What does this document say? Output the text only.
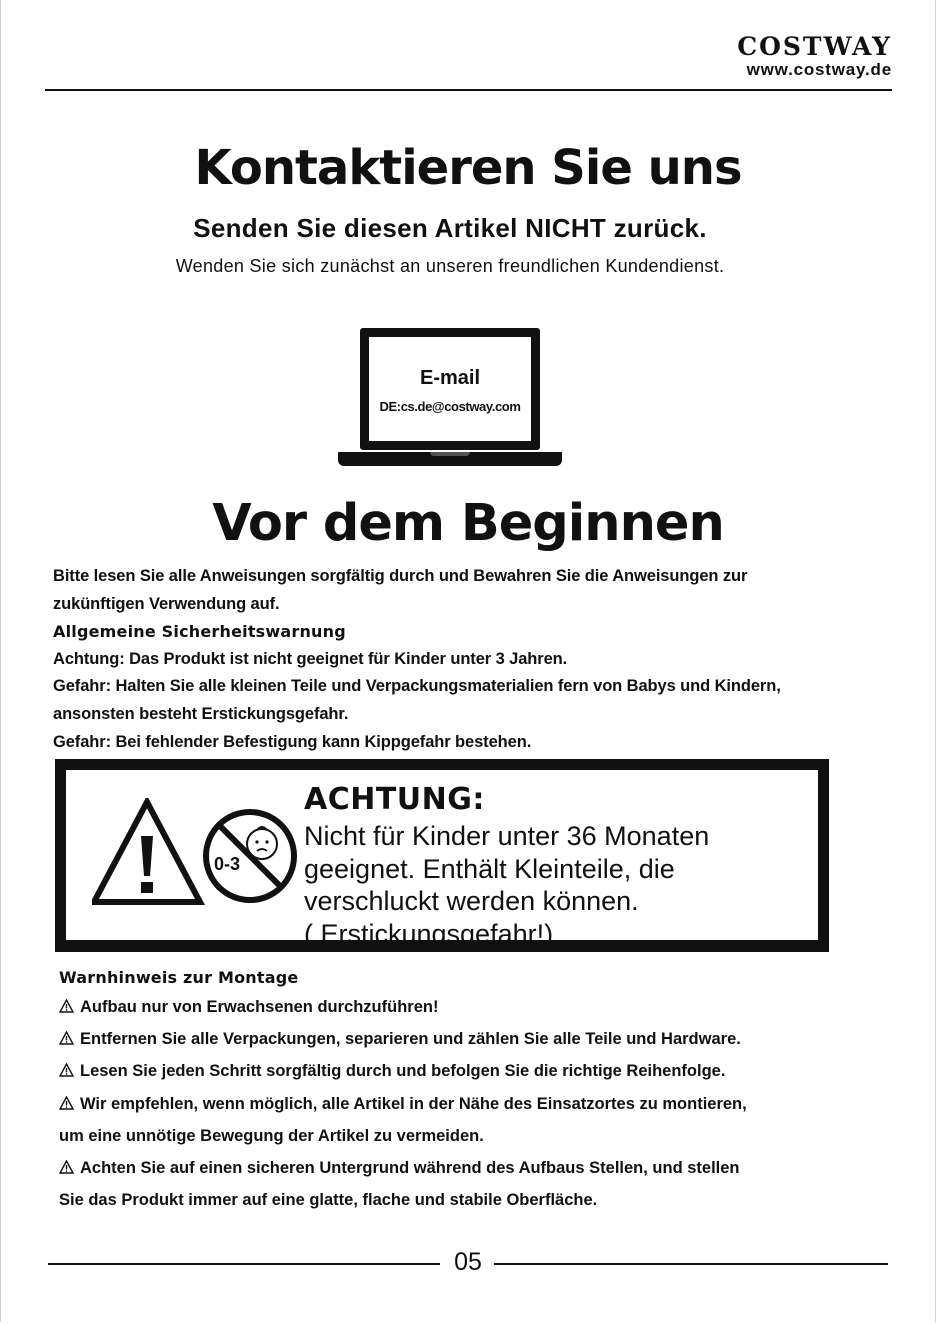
COSTWAY
www.costway.de
Kontaktieren Sie uns
Senden Sie diesen Artikel NICHT zurück.
Wenden Sie sich zunächst an unseren freundlichen Kundendienst.
E-mail
DE:cs.de@costway.com
Vor dem Beginnen

Bitte lesen Sie alle Anweisungen sorgfältig durch und Bewahren Sie die Anweisungen zur

zukünftigen Verwendung auf.

Allgemeine Sicherheitswarnung

Achtung: Das Produkt ist nicht geeignet für Kinder unter 3 Jahren.

Gefahr: Halten Sie alle kleinen Teile und Verpackungsmaterialien fern von Babys und Kindern,

ansonsten besteht Erstickungsgefahr.

Gefahr: Bei fehlender Befestigung kann Kippgefahr bestehen.

0-3
ACHTUNG:

Nicht für Kinder unter 36 Monaten

geeignet. Enthält Kleinteile, die

verschluckt werden können.

( Erstickungsgefahr!)

Warnhinweis zur Montage

Aufbau nur von Erwachsenen durchzuführen!

Entfernen Sie alle Verpackungen, separieren und zählen Sie alle Teile und Hardware.

Lesen Sie jeden Schritt sorgfältig durch und befolgen Sie die richtige Reihenfolge.

Wir empfehlen, wenn möglich, alle Artikel in der Nähe des Einsatzortes zu montieren,

um eine unnötige Bewegung der Artikel zu vermeiden.

Achten Sie auf einen sicheren Untergrund während des Aufbaus Stellen, und stellen

Sie das Produkt immer auf eine glatte, flache und stabile Oberfläche.

05
